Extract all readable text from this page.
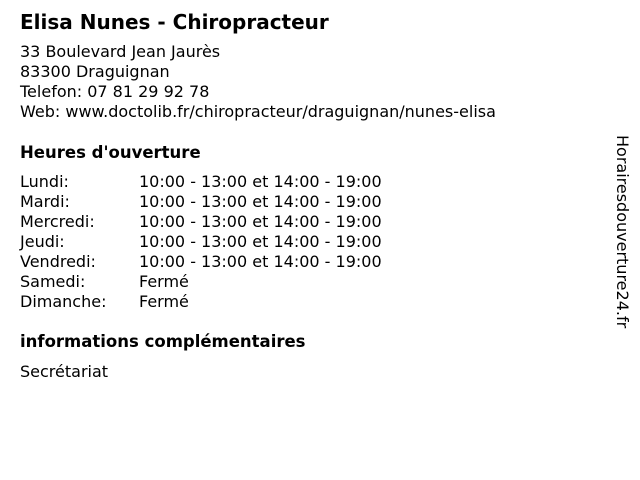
Elisa Nunes - Chiropracteur
33 Boulevard Jean Jaurès
83300 Draguignan
Telefon: 07 81 29 92 78
Web: www.doctolib.fr/chiropracteur/draguignan/nunes-elisa
Heures d'ouverture
Lundi:	10:00 - 13:00 et 14:00 - 19:00
Mardi:	10:00 - 13:00 et 14:00 - 19:00
Mercredi:	10:00 - 13:00 et 14:00 - 19:00
Jeudi:	10:00 - 13:00 et 14:00 - 19:00
Vendredi:	10:00 - 13:00 et 14:00 - 19:00
Samedi:	Fermé
Dimanche:	Fermé
informations complémentaires
Secrétariat
Horairesdouverture24.fr
